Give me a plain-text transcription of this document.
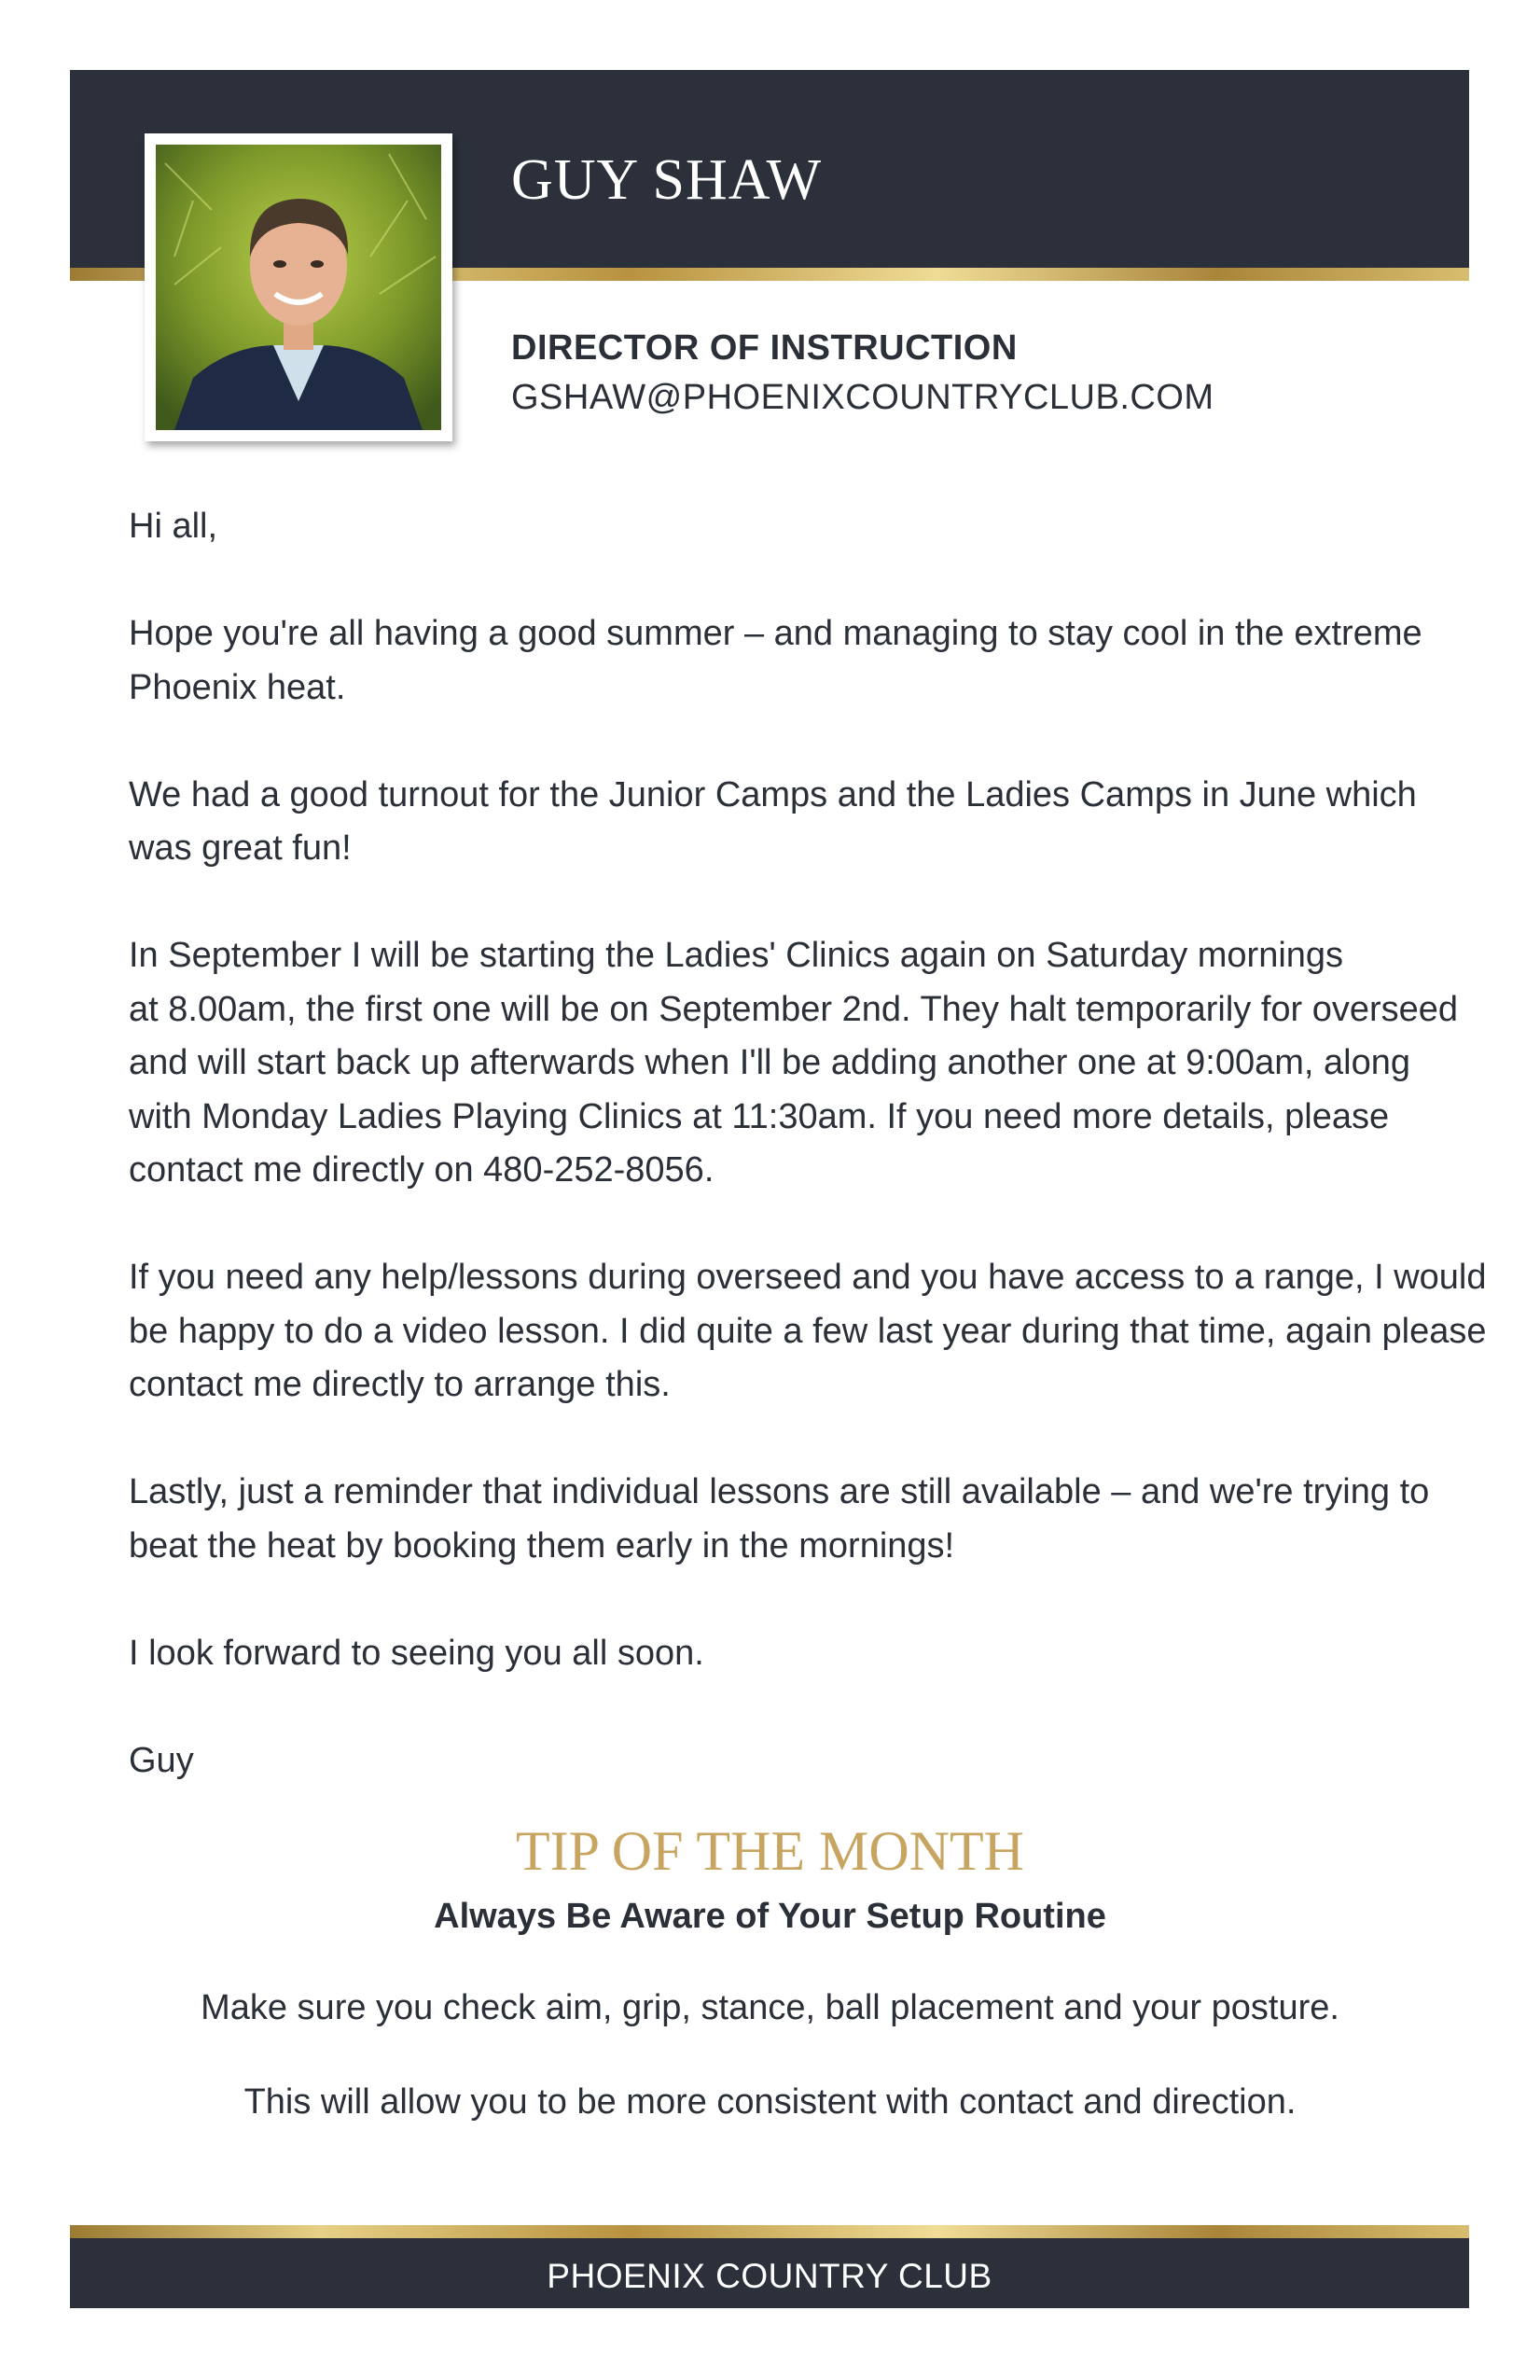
GUY SHAW
DIRECTOR OF INSTRUCTION
GSHAW@PHOENIXCOUNTRYCLUB.COM

Hi all,

Hope you're all having a good summer – and managing to stay cool in the extreme
Phoenix heat.

We had a good turnout for the Junior Camps and the Ladies Camps in June which
was great fun!

In September I will be starting the Ladies' Clinics again on Saturday mornings
at 8.00am, the first one will be on September 2nd. They halt temporarily for overseed
and will start back up afterwards when I'll be adding another one at 9:00am, along
with Monday Ladies Playing Clinics at 11:30am. If you need more details, please
contact me directly on 480-252-8056.

If you need any help/lessons during overseed and you have access to a range, I would
be happy to do a video lesson. I did quite a few last year during that time, again please
contact me directly to arrange this.

Lastly, just a reminder that individual lessons are still available – and we're trying to
beat the heat by booking them early in the mornings!

I look forward to seeing you all soon.

Guy

TIP OF THE MONTH
Always Be Aware of Your Setup Routine
Make sure you check aim, grip, stance, ball placement and your posture.
This will allow you to be more consistent with contact and direction.
PHOENIX COUNTRY CLUB
